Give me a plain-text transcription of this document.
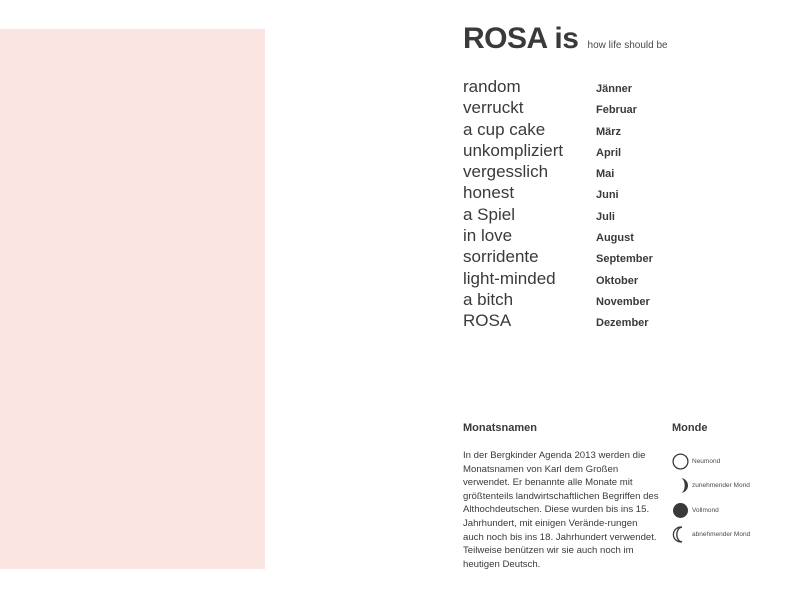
ROSA is how life should be
random
verruckt
a cup cake
unkompliziert
vergesslich
honest
a Spiel
in love
sorridente
light-minded
a bitch
ROSA
Jänner
Februar
März
April
Mai
Juni
Juli
August
September
Oktober
November
Dezember
Monatsnamen

In der Bergkinder Agenda 2013 werden die Monatsnamen von Karl dem Großen verwendet. Er benannte alle Monate mit größtenteils landwirtschaftlichen Begriffen des Althochdeutschen. Diese wurden bis ins 15. Jahrhundert, mit einigen Verände-rungen auch noch bis ins 18. Jahrhundert verwendet. Teilweise benützen wir sie auch noch im heutigen Deutsch.

Monde
Neumond
zunehmender Mond
Vollmond
abnehmender Mond
